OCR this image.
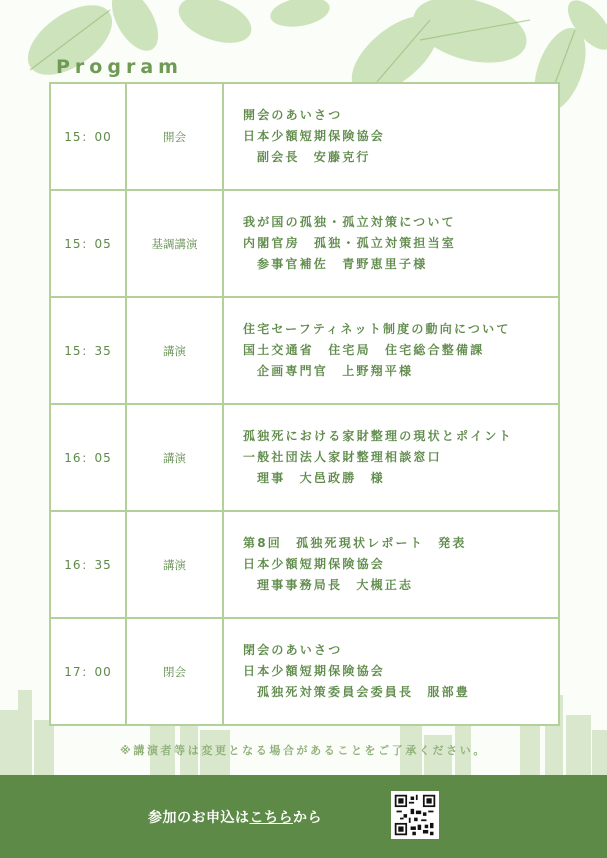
Program
15：00	開会	開会のあいさつ
日本少額短期保険協会
副会長　安藤克行

15：05	基調講演	我が国の孤独・孤立対策について
内閣官房　孤独・孤立対策担当室
参事官補佐　青野恵里子様

15：35	講演	住宅セーフティネット制度の動向について
国土交通省　住宅局　住宅総合整備課
企画専門官　上野翔平様

16：05	講演	孤独死における家財整理の現状とポイント
一般社団法人家財整理相談窓口
理事　大邑政勝　様

16：35	講演	第8回　孤独死現状レポート　発表
日本少額短期保険協会
理事事務局長　大槻正志

17：00	閉会	閉会のあいさつ
日本少額短期保険協会
孤独死対策委員会委員長　服部豊
※講演者等は変更となる場合があることをご了承ください。
参加のお申込はこちらから
